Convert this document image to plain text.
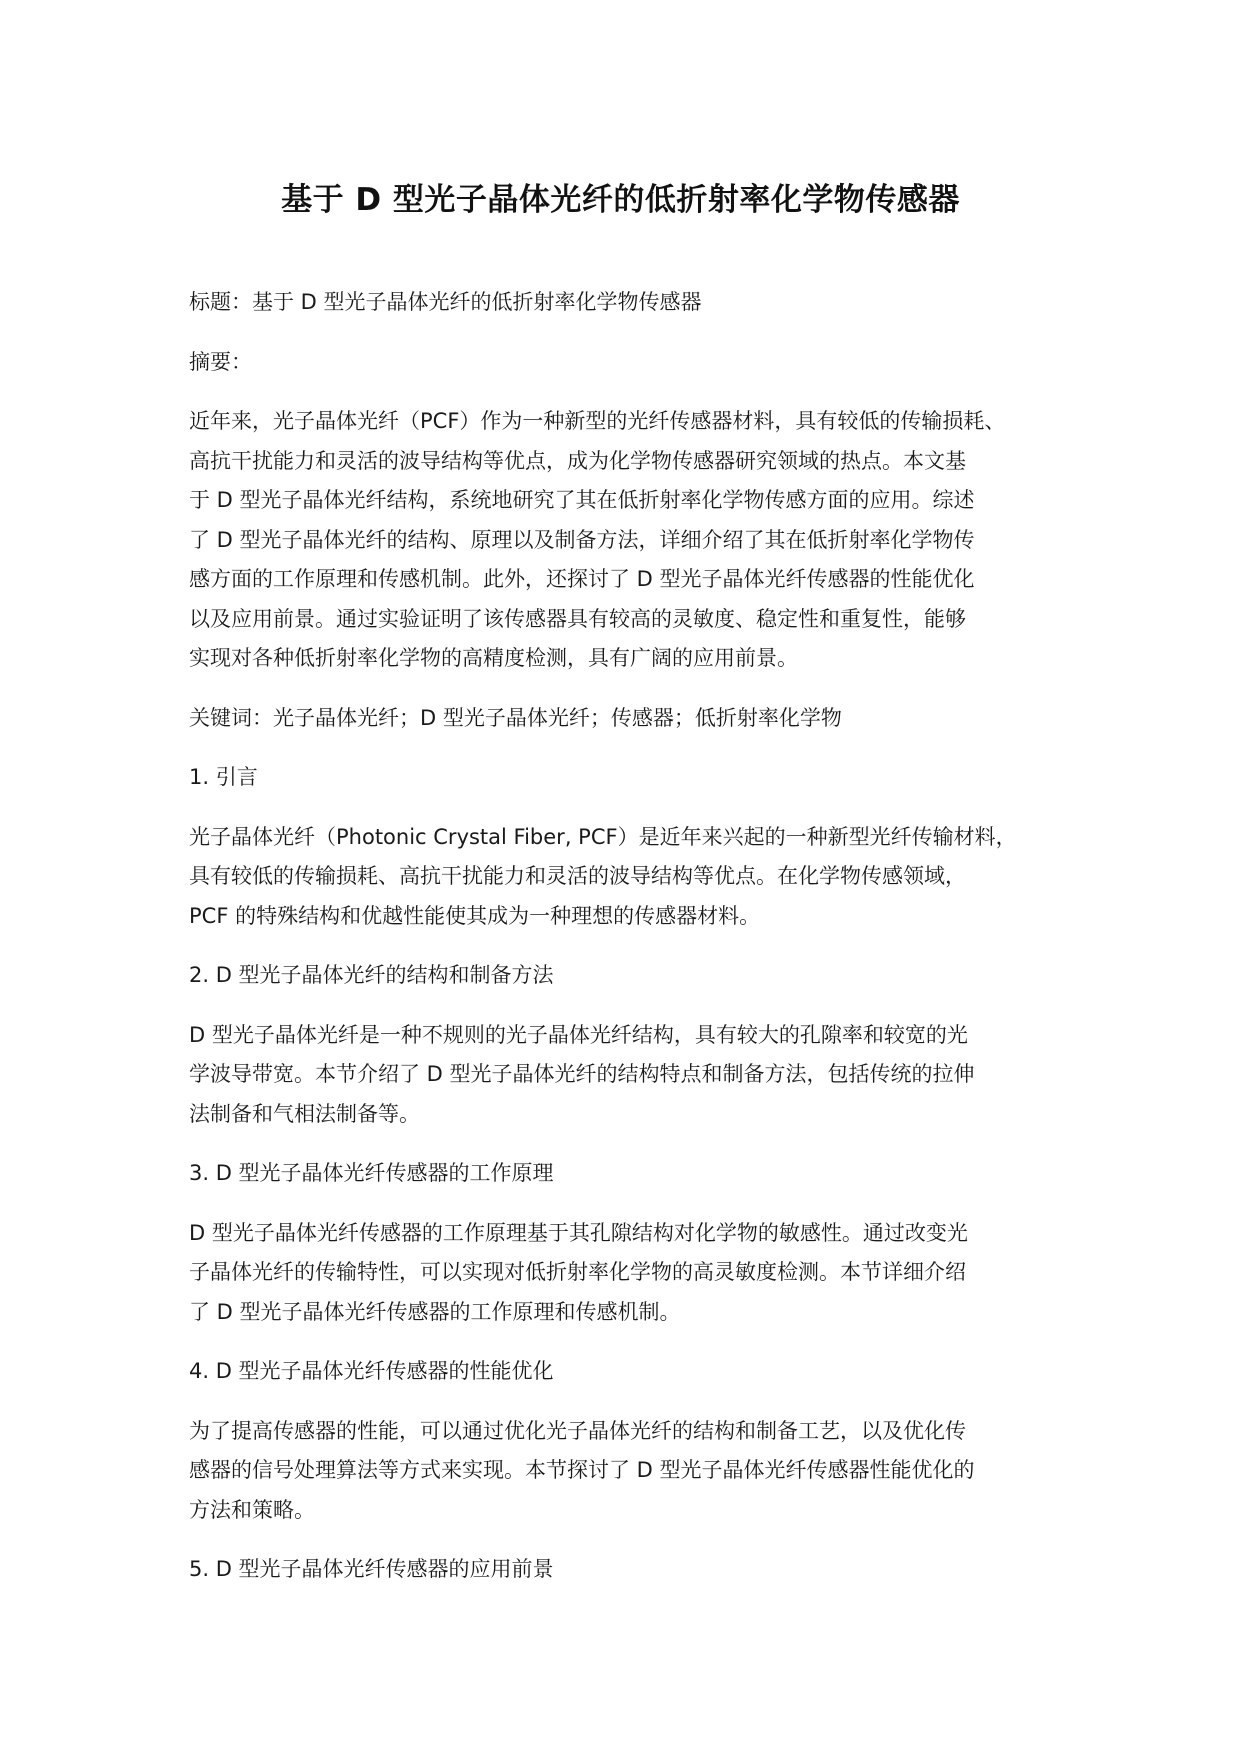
基于 D 型光子晶体光纤的低折射率化学物传感器

标题：基于 D 型光子晶体光纤的低折射率化学物传感器

摘要：

近年来，光子晶体光纤（PCF）作为一种新型的光纤传感器材料，具有较低的传输损耗、
高抗干扰能力和灵活的波导结构等优点，成为化学物传感器研究领域的热点。本文基
于 D 型光子晶体光纤结构，系统地研究了其在低折射率化学物传感方面的应用。综述
了 D 型光子晶体光纤的结构、原理以及制备方法，详细介绍了其在低折射率化学物传
感方面的工作原理和传感机制。此外，还探讨了 D 型光子晶体光纤传感器的性能优化
以及应用前景。通过实验证明了该传感器具有较高的灵敏度、稳定性和重复性，能够
实现对各种低折射率化学物的高精度检测，具有广阔的应用前景。

关键词：光子晶体光纤；D 型光子晶体光纤；传感器；低折射率化学物

1. 引言

光子晶体光纤（Photonic Crystal Fiber, PCF）是近年来兴起的一种新型光纤传输材料，
具有较低的传输损耗、高抗干扰能力和灵活的波导结构等优点。在化学物传感领域，
PCF 的特殊结构和优越性能使其成为一种理想的传感器材料。

2. D 型光子晶体光纤的结构和制备方法

D 型光子晶体光纤是一种不规则的光子晶体光纤结构，具有较大的孔隙率和较宽的光
学波导带宽。本节介绍了 D 型光子晶体光纤的结构特点和制备方法，包括传统的拉伸
法制备和气相法制备等。

3. D 型光子晶体光纤传感器的工作原理

D 型光子晶体光纤传感器的工作原理基于其孔隙结构对化学物的敏感性。通过改变光
子晶体光纤的传输特性，可以实现对低折射率化学物的高灵敏度检测。本节详细介绍
了 D 型光子晶体光纤传感器的工作原理和传感机制。

4. D 型光子晶体光纤传感器的性能优化

为了提高传感器的性能，可以通过优化光子晶体光纤的结构和制备工艺，以及优化传
感器的信号处理算法等方式来实现。本节探讨了 D 型光子晶体光纤传感器性能优化的
方法和策略。

5. D 型光子晶体光纤传感器的应用前景
